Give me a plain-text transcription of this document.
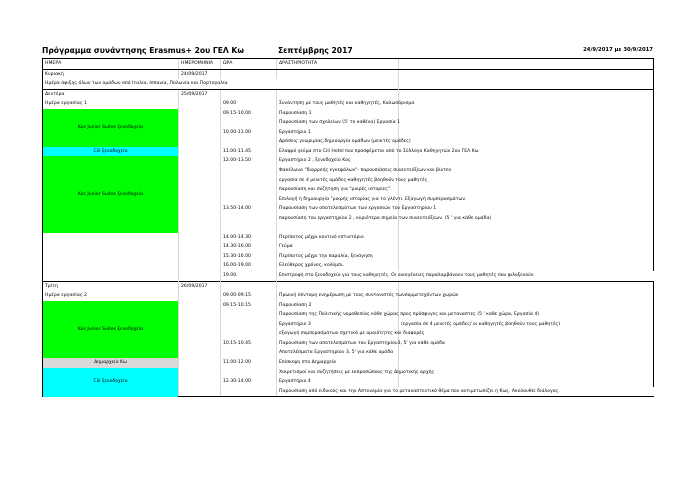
Πρόγραμμα συνάντησης Erasmus+ 2ου ΓΕΛ Κω	Σεπτέμβρης 2017	24/9/2017 με 30/9/2017
ΗΜΕΡΑ	ΗΜΕΡΟΜΗΝΙΑ	ΩΡΑ	ΔΡΑΣΤΗΡΙΟΤΗΤΑ	
Κυριακή	24/09/2017			
Ημέρα άφιξης όλων των ομάδων από Ιταλία, Ισπανία, Πολωνία και Πορτογαλία				
Δευτέρα	25/09/2017			
Ημέρα εργασίας 1		09.00	Συνάντηση με τους μαθητές και καθηγητές, Καλωσόρισμα	
Kos Junior Suites ξενοδοχείο		09.15-10.00	Παρουσίαση 1	
			Παρουσίαση των σχολείων (5' το καθένα) Εργασία 1	
		10.00-11.00	Εργαστήριο 1	
			Δράσεις γνωριμίας,δημιουργία ομάδων (μεικτές ομάδες)	
Cili ξενοδοχείο		11.00-11.45	Ελαφρύ γεύμα στο Cili Hotel που προσφέρεται από το Σύλλογο Καθηγητών 2ου ΓΕΛ Κω	
Kos Junior Suites ξενοδοχείο		12.00-13.50	Εργαστήριο 2 , ξενοδοχείο Κος	
			Φακέλωνα "διαρροής εγκεφάλων"- παρουσιάσεις συνεντεύξεων και βίντεο	
			εργασία σε 4 μεικτές ομάδες-καθηγητές βοηθούν τους μαθητές	
			παρουσίαση και συζήτηση για "μικρές ιστορίες".	
			Επιλογή ή δημιουργία "μικρής ιστορίας για το γλέντι. Εξαγωγή συμπερασμάτων.	
		13.50-14.00	Παρουσίαση των αποτελεσμάτων των εργασιών του Εργαστηρίου 1	
			παρουσίαση του εργαστηρίου 2 , κυριότερα σημεία των συνεντεύξεων. (5 ' για κάθε ομάδα)	

		14.00-14.30	Περίπατος μέχρι κοντινό εστιατόριο	
		14.30-16.00	Γεύμα	
		15.30-16.00	Περίπατος μέχρι την παραλία, ξενάγηση	
		16.00-19.00	Ελεύθερος χρόνος, κολύμπι.	
		19.00.	Επιστροφή στο ξενοδοχείο για τους καθηγητές. Οι οικογένειες παραλαμβάνουν τους μαθητές που φιλοξενούν.	
Τρίτη	26/09/2017			
Ημέρα εργασίας 2		09.00-09.15	Πρωινή σύντομη ενημέρωση με τους συντονιστές τωνσυμμετεχόντων χωρών	
Kos Junior Suites ξενοδοχείο		09.15-10.15	Παρουσίαση 2	
			Παρουσίαση της Πολιτικής νομοθεσίας κάθε χώρας προς πρόσφυγες και μεταναστες (5 ' καθε χώρα, Εργασία 4)	
			Εργαστήριο 3	(εργασία σε 4 μεικτές ομάδες/ οι καθηγητές βοηθούν τους μαθητές)
			εξαγωγή συμπερασμάτων σχετικά με ομοιότητες και διαφορές	
		10.15-10.45	Παρουσίαση των αποτελεσμάτων του Εργαστηρίου3, 5' για κάθε ομάδα	
			Αποτελέσματα Εργαστηρίου 3, 5' για κάθε ομάδα	
Δημαρχείο Κω		11.00-12.00	Επίσκεψη στο Δημαρχείο	
Cili ξενοδοχείο			Χαιρετισμοί και συζητήσεις με εκπροσώπους της Δημοτικής αρχής	
		12.30-14.00	Εργαστήριο 4	
			Παρουσίαση από ειδικούς και την Αστυνομία για το μεταναστευτικό θέμα που αντιμετωπίζει η Κως. Ακολουθεί διάλογος.	
